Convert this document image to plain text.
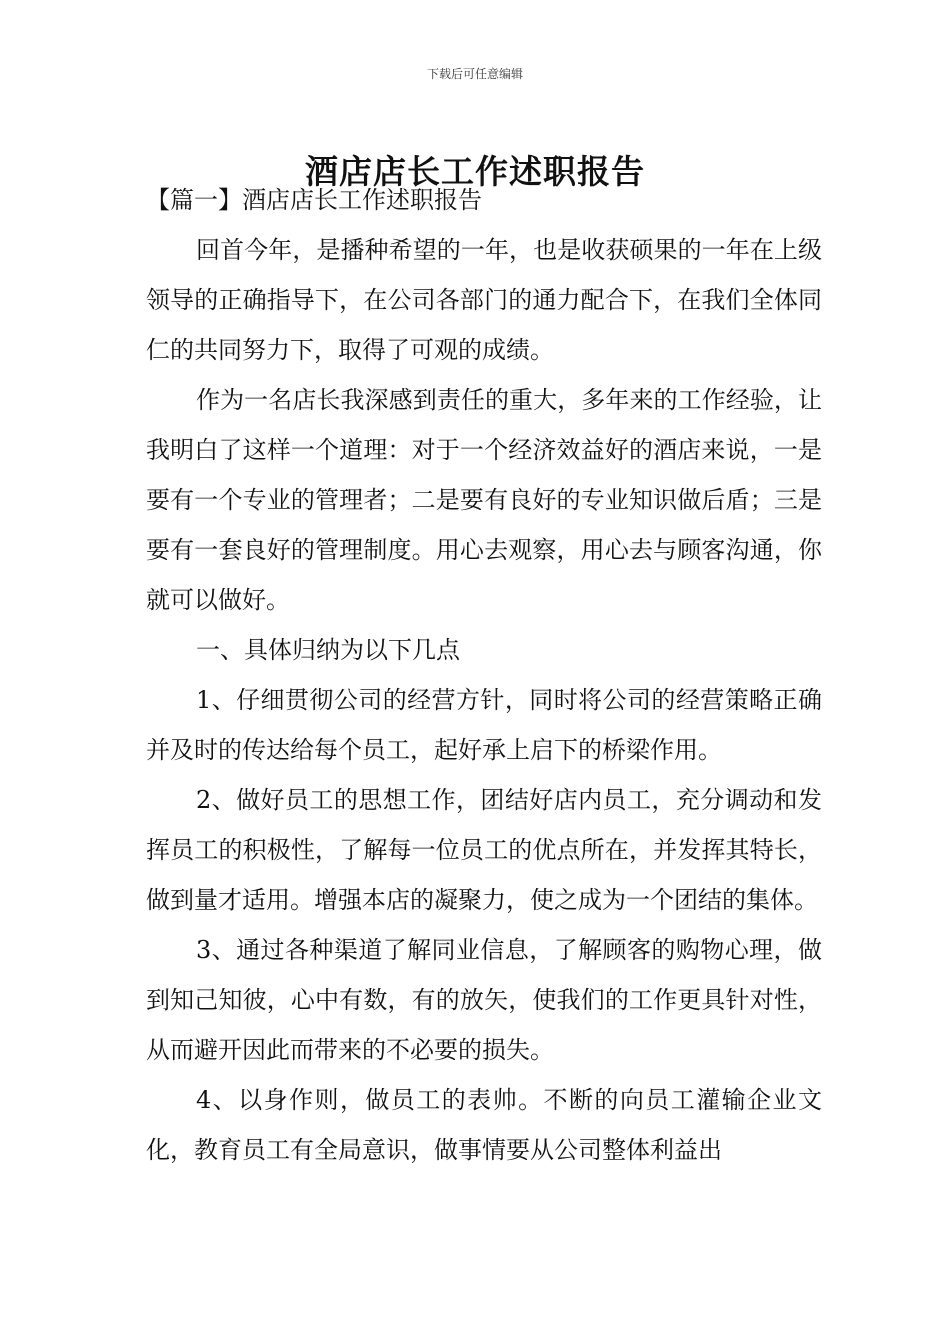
下载后可任意编辑
酒店店长工作述职报告

【篇一】酒店店长工作述职报告

回首今年，是播种希望的一年，也是收获硕果的一年在上级领导的正确指导下，在公司各部门的通力配合下，在我们全体同仁的共同努力下，取得了可观的成绩。

作为一名店长我深感到责任的重大，多年来的工作经验，让我明白了这样一个道理：对于一个经济效益好的酒店来说，一是要有一个专业的管理者；二是要有良好的专业知识做后盾；三是要有一套良好的管理制度。用心去观察，用心去与顾客沟通，你就可以做好。

一、具体归纳为以下几点

1、仔细贯彻公司的经营方针，同时将公司的经营策略正确并及时的传达给每个员工，起好承上启下的桥梁作用。

2、做好员工的思想工作，团结好店内员工，充分调动和发挥员工的积极性，了解每一位员工的优点所在，并发挥其特长，做到量才适用。增强本店的凝聚力，使之成为一个团结的集体。

3、通过各种渠道了解同业信息，了解顾客的购物心理，做到知己知彼，心中有数，有的放矢，使我们的工作更具针对性，从而避开因此而带来的不必要的损失。

4、以身作则，做员工的表帅。不断的向员工灌输企业文化，教育员工有全局意识，做事情要从公司整体利益出
